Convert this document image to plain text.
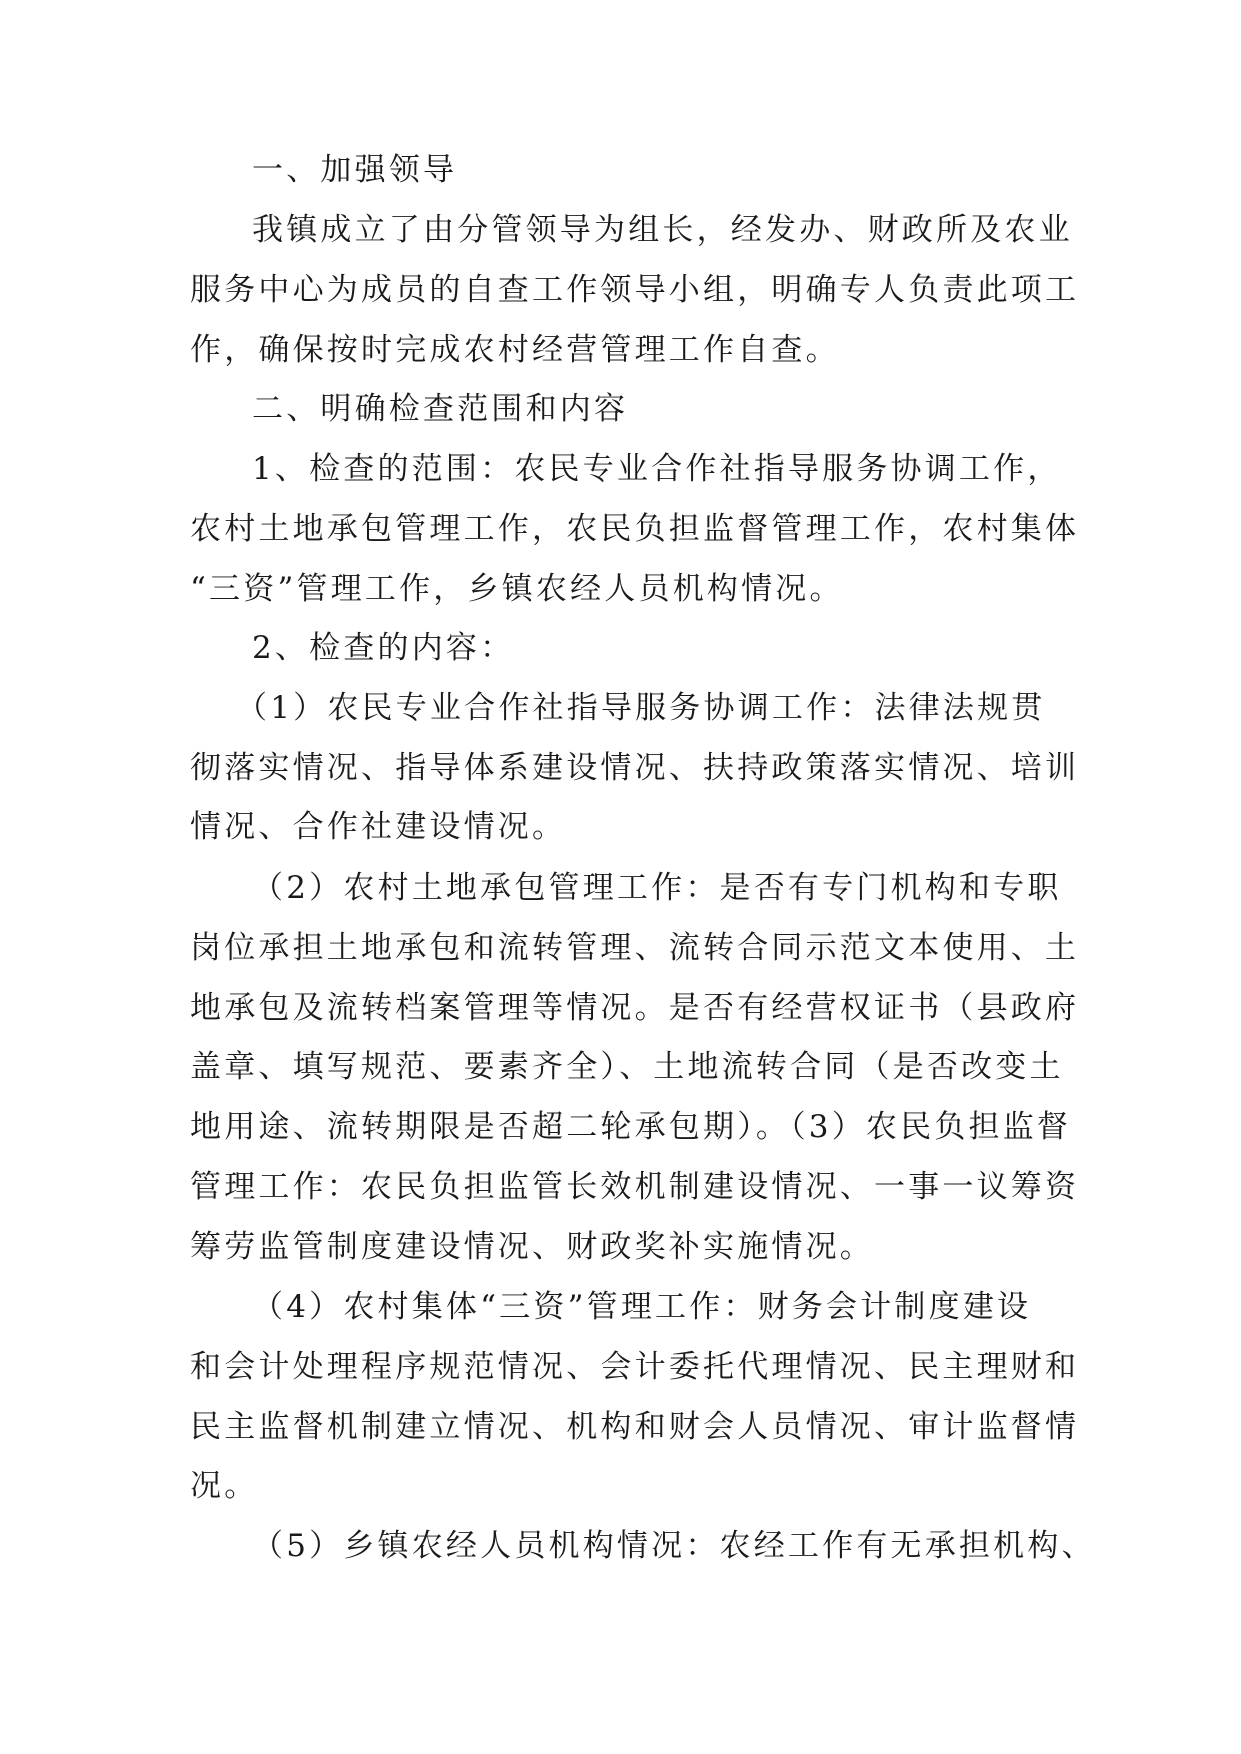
一、加强领导
我镇成立了由分管领导为组长，经发办、财政所及农业
服务中心为成员的自查工作领导小组，明确专人负责此项工
作，确保按时完成农村经营管理工作自查。
二、明确检查范围和内容
1、检查的范围：农民专业合作社指导服务协调工作，
农村土地承包管理工作，农民负担监督管理工作，农村集体
“三资”管理工作，乡镇农经人员机构情况。
2、检查的内容：
（1）农民专业合作社指导服务协调工作：法律法规贯
彻落实情况、指导体系建设情况、扶持政策落实情况、培训
情况、合作社建设情况。
（2）农村土地承包管理工作：是否有专门机构和专职
岗位承担土地承包和流转管理、流转合同示范文本使用、土
地承包及流转档案管理等情况。是否有经营权证书（县政府
盖章、填写规范、要素齐全）、土地流转合同（是否改变土
地用途、流转期限是否超二轮承包期）。（3）农民负担监督
管理工作：农民负担监管长效机制建设情况、一事一议筹资
筹劳监管制度建设情况、财政奖补实施情况。
（4）农村集体“三资”管理工作：财务会计制度建设
和会计处理程序规范情况、会计委托代理情况、民主理财和
民主监督机制建立情况、机构和财会人员情况、审计监督情
况。
（5）乡镇农经人员机构情况：农经工作有无承担机构、
